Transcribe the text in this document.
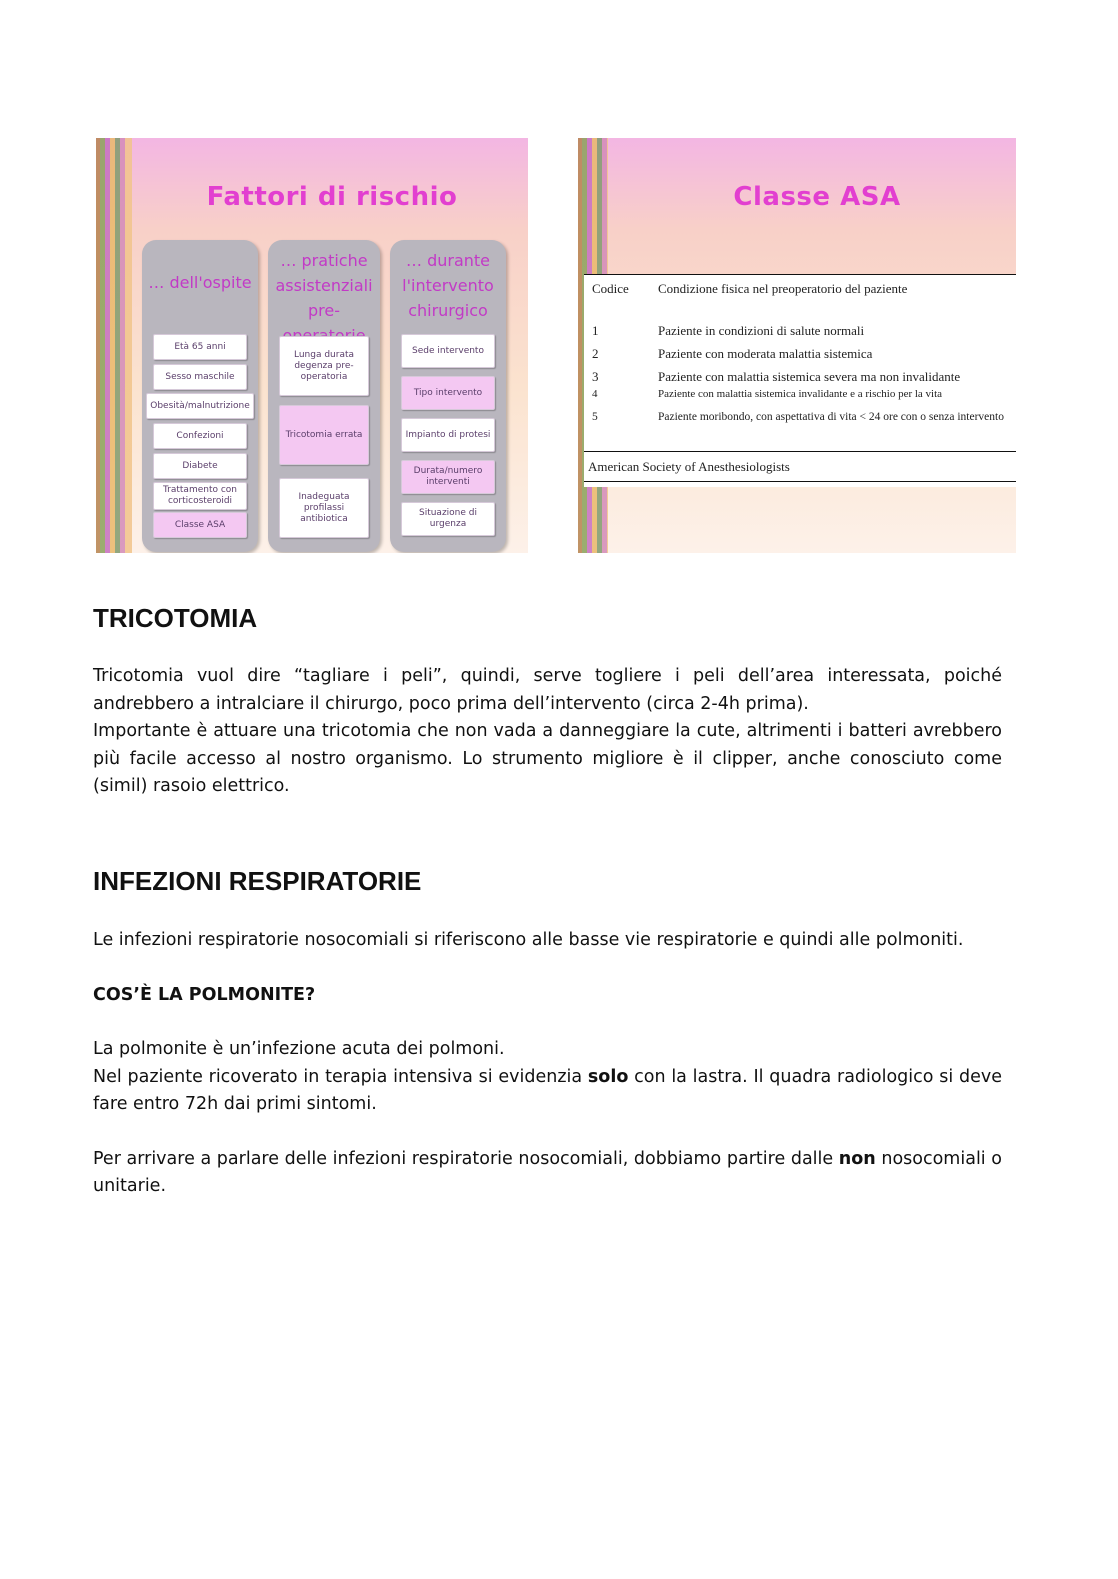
Fattori di rischio
… dell'ospite
Età 65 anni
Sesso maschile
Obesità/malnutrizione
Confezioni
Diabete
Trattamento con corticosteroidi
Classe ASA
… pratiche assistenziali pre-
Lunga durata degenza pre-operatoria
Tricotomia errata
Inadeguata profilassi antibiotica
… durante l'intervento chirurgico
Sede intervento
Tipo intervento
Impianto di protesi
Durata/numero interventi
Situazione di urgenza
Classe ASA
Codice Condizione fisica nel preoperatorio del paziente
1	Paziente in condizioni di salute normali
2	Paziente con moderata malattia sistemica
3	Paziente con malattia sistemica severa ma non invalidante
4	Paziente con malattia sistemica invalidante e a rischio per la vita
5	Paziente moribondo, con aspettativa di vita < 24 ore con o senza intervento
American Society of Anesthesiologists
TRICOTOMIA

Tricotomia vuol dire “tagliare i peli”, quindi, serve togliere i peli dell’area interessata, poiché andrebbero a intralciare il chirurgo, poco prima dell’intervento (circa 2-4h prima).

Importante è attuare una tricotomia che non vada a danneggiare la cute, altrimenti i batteri avrebbero più facile accesso al nostro organismo. Lo strumento migliore è il clipper, anche conosciuto come (simil) rasoio elettrico.

INFEZIONI RESPIRATORIE

Le infezioni respiratorie nosocomiali si riferiscono alle basse vie respiratorie e quindi alle polmoniti.

COS’È LA POLMONITE?

La polmonite è un’infezione acuta dei polmoni.

Nel paziente ricoverato in terapia intensiva si evidenzia solo con la lastra. Il quadra radiologico si deve fare entro 72h dai primi sintomi.

Per arrivare a parlare delle infezioni respiratorie nosocomiali, dobbiamo partire dalle non nosocomiali o unitarie.
